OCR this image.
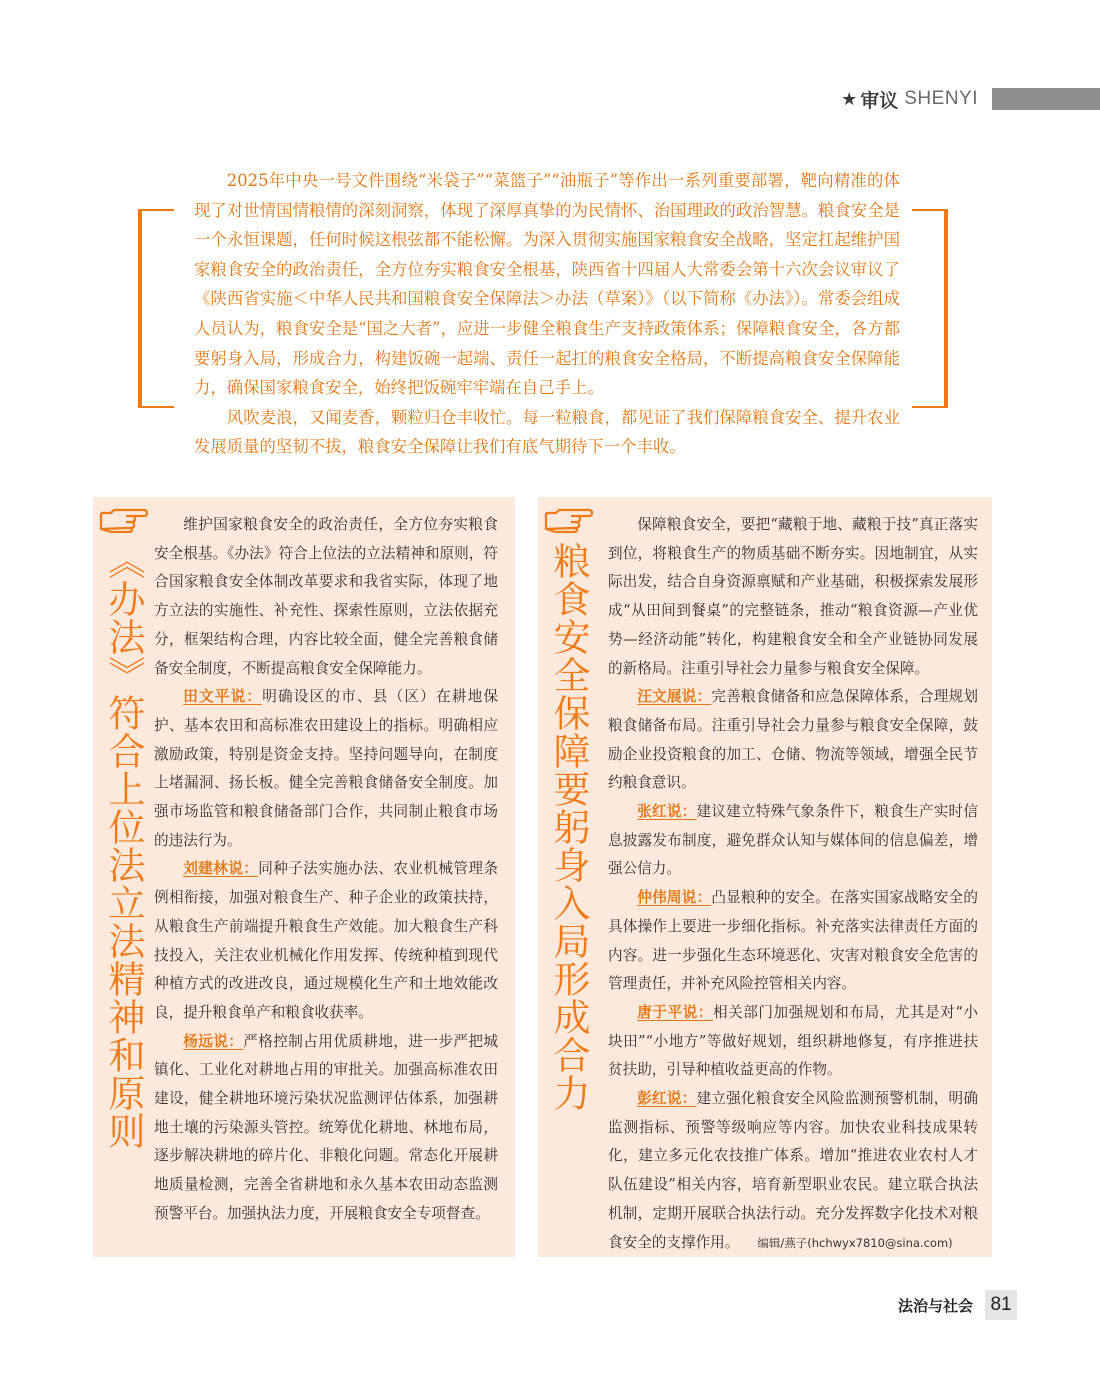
★ 审议 SHENYI

2025年中央一号文件围绕“米袋子”“菜篮子”“油瓶子”等作出一系列重要部署，靶向精准的体现了对世情国情粮情的深刻洞察，体现了深厚真挚的为民情怀、治国理政的政治智慧。粮食安全是一个永恒课题，任何时候这根弦都不能松懈。为深入贯彻实施国家粮食安全战略，坚定扛起维护国家粮食安全的政治责任，全方位夯实粮食安全根基，陕西省十四届人大常委会第十六次会议审议了《陕西省实施＜中华人民共和国粮食安全保障法＞办法（草案）》（以下简称《办法》）。常委会组成人员认为，粮食安全是“国之大者”，应进一步健全粮食生产支持政策体系；保障粮食安全，各方都要躬身入局，形成合力，构建饭碗一起端、责任一起扛的粮食安全格局，不断提高粮食安全保障能力，确保国家粮食安全，始终把饭碗牢牢端在自己手上。

风吹麦浪，又闻麦香，颗粒归仓丰收忙。每一粒粮食，都见证了我们保障粮食安全、提升农业发展质量的坚韧不拔，粮食安全保障让我们有底气期待下一个丰收。

《办法》符合上位法立法精神和原则

维护国家粮食安全的政治责任，全方位夯实粮食安全根基。《办法》符合上位法的立法精神和原则，符合国家粮食安全体制改革要求和我省实际，体现了地方立法的实施性、补充性、探索性原则，立法依据充分，框架结构合理，内容比较全面，健全完善粮食储备安全制度，不断提高粮食安全保障能力。

田文平说：明确设区的市、县（区）在耕地保护、基本农田和高标准农田建设上的指标。明确相应激励政策，特别是资金支持。坚持问题导向，在制度上堵漏洞、扬长板。健全完善粮食储备安全制度。加强市场监管和粮食储备部门合作，共同制止粮食市场的违法行为。

刘建林说：同种子法实施办法、农业机械管理条例相衔接，加强对粮食生产、种子企业的政策扶持，从粮食生产前端提升粮食生产效能。加大粮食生产科技投入，关注农业机械化作用发挥、传统种植到现代种植方式的改进改良，通过规模化生产和土地效能改良，提升粮食单产和粮食收获率。

杨远说：严格控制占用优质耕地，进一步严把城镇化、工业化对耕地占用的审批关。加强高标准农田建设，健全耕地环境污染状况监测评估体系，加强耕地土壤的污染源头管控。统筹优化耕地、林地布局，逐步解决耕地的碎片化、非粮化问题。常态化开展耕地质量检测，完善全省耕地和永久基本农田动态监测预警平台。加强执法力度，开展粮食安全专项督查。

粮食安全保障要躬身入局形成合力

保障粮食安全，要把“藏粮于地、藏粮于技”真正落实到位，将粮食生产的物质基础不断夯实。因地制宜，从实际出发，结合自身资源禀赋和产业基础，积极探索发展形成“从田间到餐桌”的完整链条，推动“粮食资源—产业优势—经济动能”转化，构建粮食安全和全产业链协同发展的新格局。注重引导社会力量参与粮食安全保障。

汪文展说：完善粮食储备和应急保障体系，合理规划粮食储备布局。注重引导社会力量参与粮食安全保障，鼓励企业投资粮食的加工、仓储、物流等领域，增强全民节约粮食意识。

张红说：建议建立特殊气象条件下，粮食生产实时信息披露发布制度，避免群众认知与媒体间的信息偏差，增强公信力。

仲伟周说：凸显粮种的安全。在落实国家战略安全的具体操作上要进一步细化指标。补充落实法律责任方面的内容。进一步强化生态环境恶化、灾害对粮食安全危害的管理责任，并补充风险控管相关内容。

唐于平说：相关部门加强规划和布局，尤其是对“小块田”“小地方”等做好规划，组织耕地修复，有序推进扶贫扶助，引导种植收益更高的作物。

彭红说：建立强化粮食安全风险监测预警机制，明确监测指标、预警等级响应等内容。加快农业科技成果转化，建立多元化农技推广体系。增加“推进农业农村人才队伍建设”相关内容，培育新型职业农民。建立联合执法机制，定期开展联合执法行动。充分发挥数字化技术对粮食安全的支撑作用。 编辑/燕子(hchwyx7810@sina.com)

法治与社会 81
